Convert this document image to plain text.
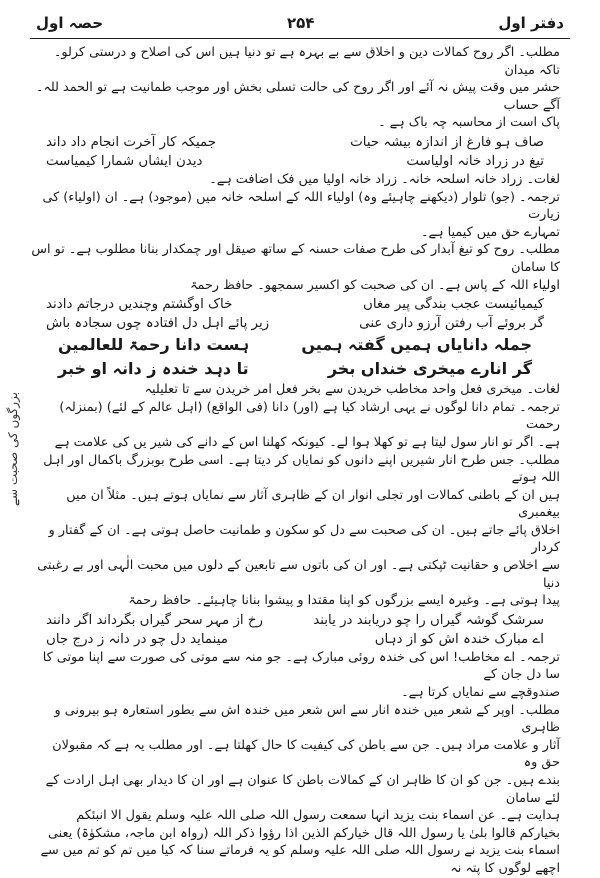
دفتر اول
۲۵۴
حصہ اول
بزرگوں کی صحبت سے
مطلب۔ اگر روح کمالات دین و اخلاق سے بے بہرہ ہے تو دنیا ہیں اس کی اصلاح و درستی کرلو۔ تاکہ میدان
حشر میں وقت پیش نہ آئے اور اگر روح کی حالت تسلی بخش اور موجب طمانیت ہے تو الحمد للہ۔ آگے حساب
پاک است از محاسبہ چہ باک ہے ۔
صاف ہو فارغ از اندازہ بیشہ حیات
جمیکہ کار آخرت انجام داد داند
تیغ در زراد خانہ اولیاست
دیدن ایشاں شمارا کیمیاست
لغات۔ زراد خانہ اسلحہ خانہ۔ زراد خانہ اولیا میں فک اضافت ہے۔
ترجمہ۔ (جو) تلوار (دیکھنے چاہیئے وہ) اولیاء اللہ کے اسلحہ خانہ میں (موجود) ہے۔ ان (اولیاء) کی زیارت
تمہارے حق میں کیمیا ہے۔
مطلب۔ روح کو تیغ آبدار کی طرح صفات حسنہ کے ساتھ صیقل اور چمکدار بنانا مطلوب ہے۔ تو اس کا سامان
اولیاء اللہ کے پاس ہے۔ ان کی صحبت کو اکسیر سمجھو۔ حافظ رحمۃ
کیمیائیست عجب بندگی پیر مغاں
خاک اوگشتم وچندیں درجاتم دادند
گر بروئے آب رفتن آرزو داری عنی
زیر پائے اہل دل افتادہ چوں سجادہ باش
جملہ دانایاں ہمیں گفتہ ہمیں
ہست دانا رحمۃ للعالمین
گر انارے میخری خنداں بخر
تا دہد خندہ ز دانہ او خبر
لغات۔ میخری فعل واحد مخاطب خریدن سے بخر فعل امر خریدن سے تا تعلیلیہ
ترجمہ۔ تمام دانا لوگوں نے یہی ارشاد کیا ہے (اور) دانا (فی الواقع) (اہل عالم کے لئے) (بمنزلہ) رحمت
ہے۔ اگر تو انار سول لیتا ہے تو کھلا ہوا لے۔ کیونکہ کھلنا اس کے دانے کی شیر یں کی علامت ہے
مطلب۔ جس طرح انار شیریں اپنے دانوں کو نمایاں کر دیتا ہے۔ اسی طرح بوبزرگ باکمال اور اہل اللہ ہوتے
ہیں ان کے باطنی کمالات اور تجلی انوار ان کے ظاہری آثار سے نمایاں ہوتے ہیں۔ مثلاً ان میں بیغمبری
اخلاق پائے جاتے ہیں۔ ان کی صحبت سے دل کو سکون و طمانیت حاصل ہوتی ہے۔ ان کے گفتار و کردار
سے اخلاص و حقانیت ٹپکتی ہے۔ اور ان کی باتوں سے تابعین کے دلوں میں محبت الٰہی اور بے رغبتی دنیا
پیدا ہوتی ہے۔ وغیرہ ایسے بزرگوں کو اپنا مقتدا و پیشوا بنانا چاہیئے۔ حافظ رحمۃ
سرشک گوشہ گیراں را چو دریابند در یابند
رخ از مہر سحر گیراں بگرداند اگر دانند
اے مبارک خندہ اش کو از دہاں
مینماید دل چو در دانہ ز درج جاں
ترجمہ۔ اے مخاطب! اس کی خندہ روئی مبارک ہے۔ جو منہ سے موتی کی صورت سے اپنا موتی کا سا دل جان کے
صندوقچے سے نمایاں کرتا ہے۔
مطلب۔ اوپر کے شعر میں خندہ انار سے اس شعر میں خندہ اش سے بطور استعارہ ہو بیرونی و ظاہری
آثار و علامت مراد ہیں۔ جن سے باطن کی کیفیت کا حال کھلتا ہے۔ اور مطلب یہ ہے کہ مقبولان حق وہ
بندے ہیں۔ جن کو ان کا ظاہر ان کے کمالات باطن کا عنوان ہے اور ان کا دیدار بھی اہل ارادت کے لئے سامان
ہدایت ہے۔ عن اسماء بنت یزید انہا سمعت رسول اللہ صلی اللہ علیہ وسلم یقول الا انبئکم
بخیارکم قالوا بلیٰ یا رسول اللہ قال خیارکم الذین اذا رؤوا ذکر اللہ (رواہ ابن ماجہ، مشکوٰۃ) یعنی
اسماء بنت یزید نے رسول اللہ صلی اللہ علیہ وسلم کو یہ فرماتے سنا کہ کیا میں تم کو تم میں سے اچھے لوگوں کا پتہ نہ
